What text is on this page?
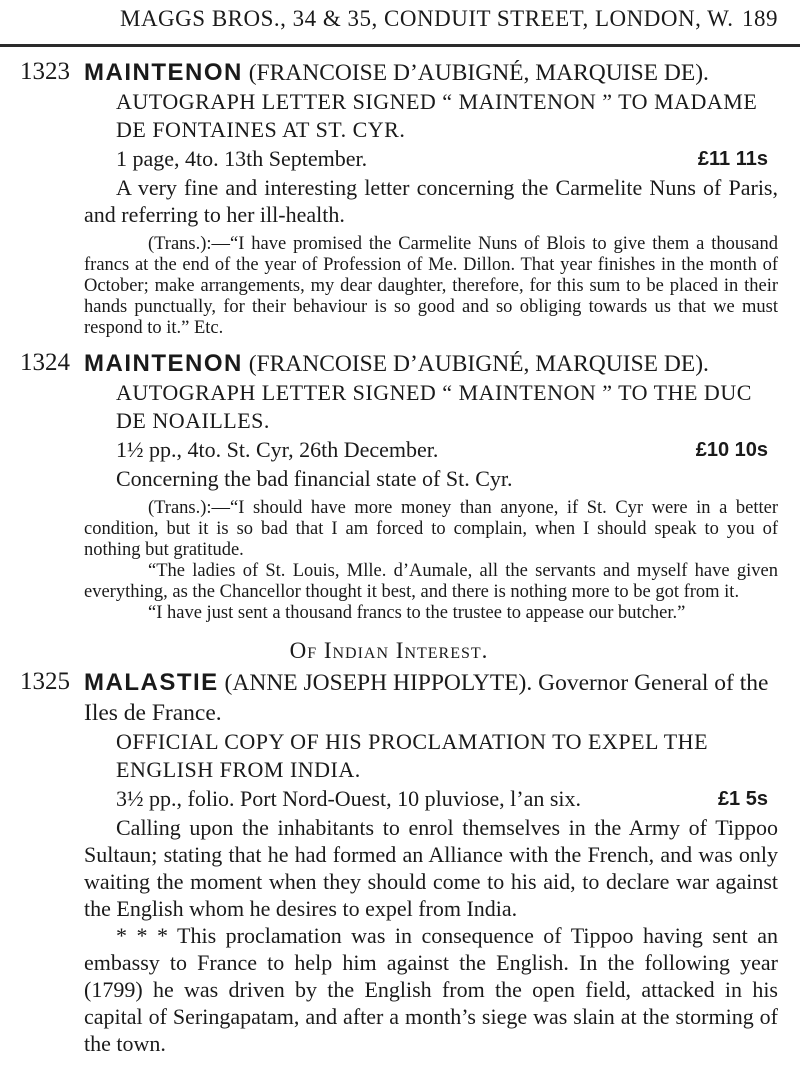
MAGGS BROS., 34 & 35, CONDUIT STREET, LONDON, W. 189
1323 MAINTENON (FRANCOISE D’AUBIGNÉ, MARQUISE DE).
AUTOGRAPH LETTER SIGNED “ MAINTENON ” TO MADAME DE FONTAINES AT ST. CYR.
1 page, 4to. 13th September.	£11 11s

A very fine and interesting letter concerning the Carmelite Nuns of Paris, and referring to her ill-health.

(Trans.):—“I have promised the Carmelite Nuns of Blois to give them a thousand francs at the end of the year of Profession of Me. Dillon. That year finishes in the month of October; make arrangements, my dear daughter, therefore, for this sum to be placed in their hands punctually, for their behaviour is so good and so obliging towards us that we must respond to it.” Etc.

1324 MAINTENON (FRANCOISE D’AUBIGNÉ, MARQUISE DE).
AUTOGRAPH LETTER SIGNED “ MAINTENON ” TO THE DUC DE NOAILLES.
1½ pp., 4to. St. Cyr, 26th December.	£10 10s

Concerning the bad financial state of St. Cyr.

(Trans.):—“I should have more money than anyone, if St. Cyr were in a better condition, but it is so bad that I am forced to complain, when I should speak to you of nothing but gratitude.

“The ladies of St. Louis, Mlle. d’Aumale, all the servants and myself have given everything, as the Chancellor thought it best, and there is nothing more to be got from it.

“I have just sent a thousand francs to the trustee to appease our butcher.”

Of Indian Interest.
1325 MALASTIE (ANNE JOSEPH HIPPOLYTE). Governor General of the Iles de France.
OFFICIAL COPY OF HIS PROCLAMATION TO EXPEL THE ENGLISH FROM INDIA.
3½ pp., folio. Port Nord-Ouest, 10 pluviose, l’an six.	£1 5s

Calling upon the inhabitants to enrol themselves in the Army of Tippoo Sultaun; stating that he had formed an Alliance with the French, and was only waiting the moment when they should come to his aid, to declare war against the English whom he desires to expel from India.

* * * This proclamation was in consequence of Tippoo having sent an embassy to France to help him against the English. In the following year (1799) he was driven by the English from the open field, attacked in his capital of Seringapatam, and after a month’s siege was slain at the storming of the town.
